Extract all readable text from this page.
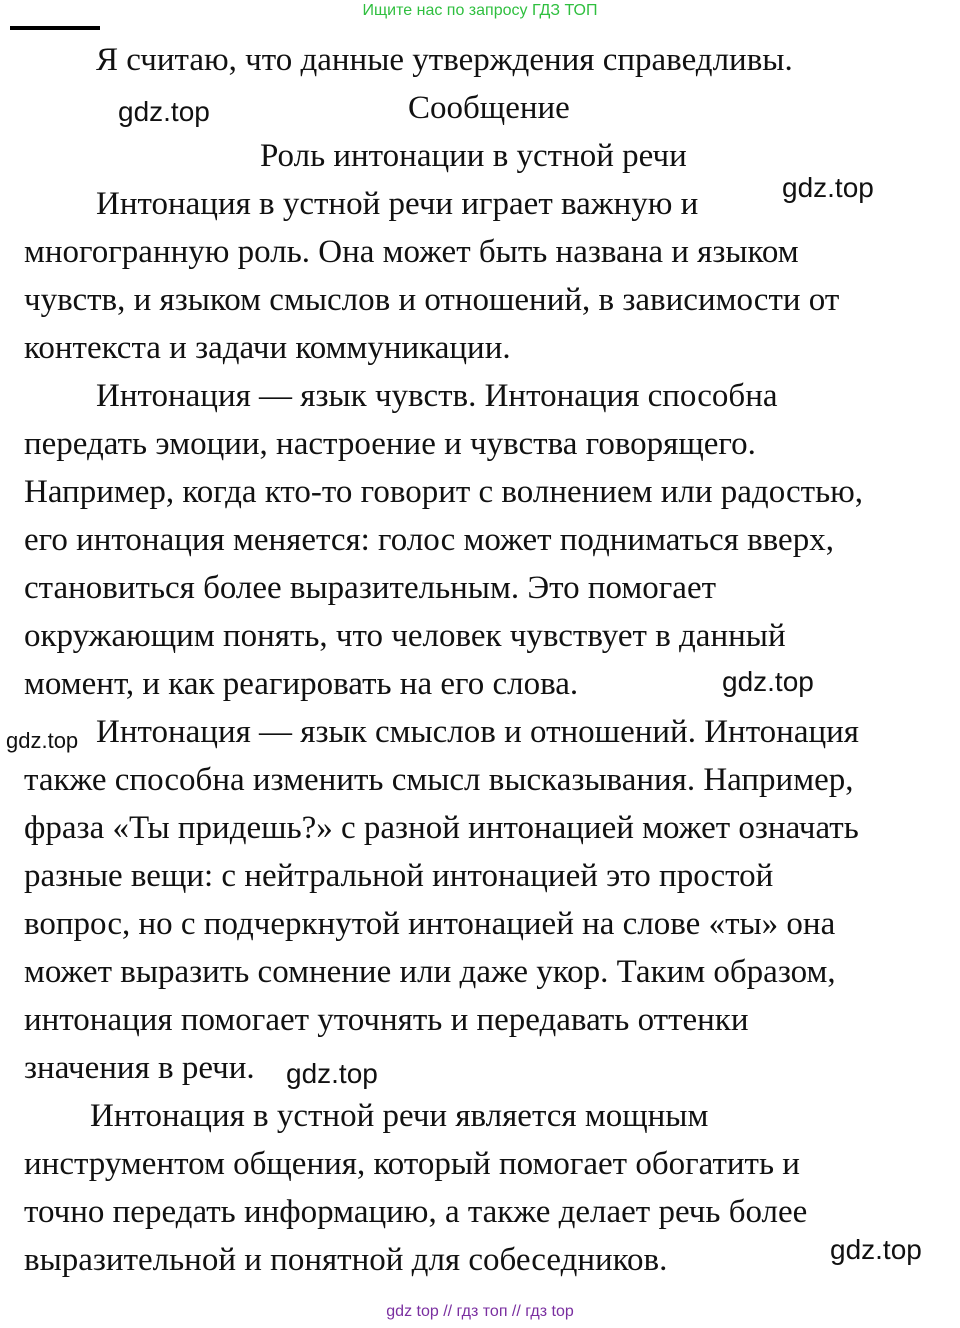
Ищите нас по запросу ГДЗ ТОП
Я считаю, что данные утверждения справедливы.
Сообщение
Роль интонации в устной речи
Интонация в устной речи играет важную и
многогранную роль. Она может быть названа и языком
чувств, и языком смыслов и отношений, в зависимости от
контекста и задачи коммуникации.
Интонация — язык чувств. Интонация способна
передать эмоции, настроение и чувства говорящего.
Например, когда кто-то говорит с волнением или радостью,
его интонация меняется: голос может подниматься вверх,
становиться более выразительным. Это помогает
окружающим понять, что человек чувствует в данный
момент, и как реагировать на его слова.
Интонация — язык смыслов и отношений. Интонация
также способна изменить смысл высказывания. Например,
фраза «Ты придешь?» с разной интонацией может означать
разные вещи: с нейтральной интонацией это простой
вопрос, но с подчеркнутой интонацией на слове «ты» она
может выразить сомнение или даже укор. Таким образом,
интонация помогает уточнять и передавать оттенки
значения в речи.
Интонация в устной речи является мощным
инструментом общения, который помогает обогатить и
точно передать информацию, а также делает речь более
выразительной и понятной для собеседников.
gdz.top
gdz.top
gdz.top
gdz.top
gdz.top
gdz.top
gdz top // гдз топ // гдз top
